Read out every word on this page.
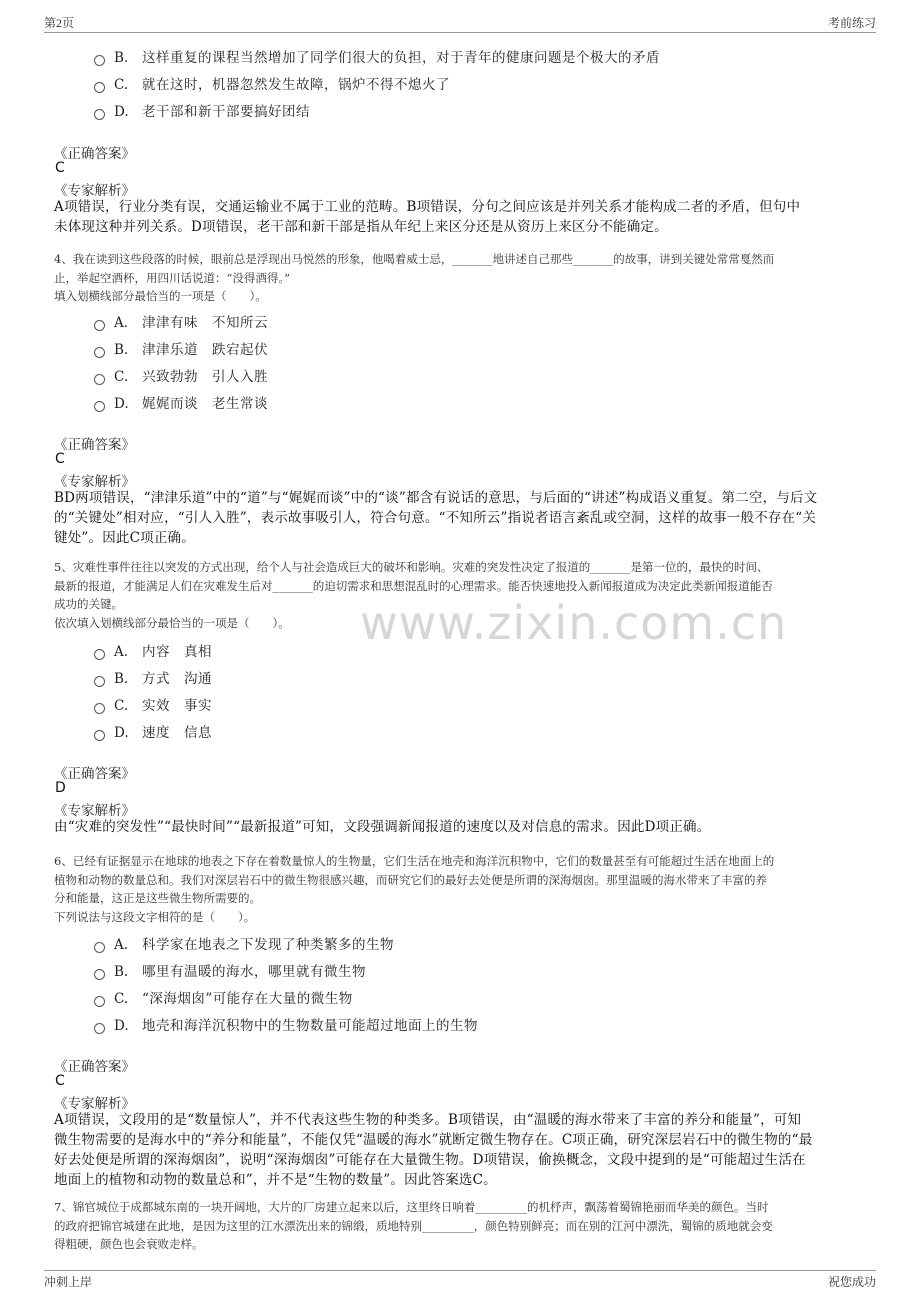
第2页	考前练习
www.zixin.com.cn
B. 这样重复的课程当然增加了同学们很大的负担，对于青年的健康问题是个极大的矛盾
C. 就在这时，机器忽然发生故障，锅炉不得不熄火了
D. 老干部和新干部要搞好团结
《正确答案》
C
《专家解析》

A项错误，行业分类有误，交通运输业不属于工业的范畴。B项错误，分句之间应该是并列关系才能构成二者的矛盾，但句中

未体现这种并列关系。D项错误，老干部和新干部是指从年纪上来区分还是从资历上来区分不能确定。

4、我在读到这些段落的时候，眼前总是浮现出马悦然的形象，他喝着威士忌，_______地讲述自己那些_______的故事，讲到关键处常常戛然而

止，举起空酒杯，用四川话说道：“没得酒得。”

填入划横线部分最恰当的一项是（　　）。

A. 津津有味　不知所云
B. 津津乐道　跌宕起伏
C. 兴致勃勃　引人入胜
D. 娓娓而谈　老生常谈
《正确答案》
C
《专家解析》

BD两项错误，“津津乐道”中的“道”与“娓娓而谈”中的“谈”都含有说话的意思，与后面的“讲述”构成语义重复。第二空，与后文

的“关键处”相对应，“引人入胜”，表示故事吸引人，符合句意。“不知所云”指说者语言紊乱或空洞，这样的故事一般不存在“关

键处”。因此C项正确。

5、灾难性事件往往以突发的方式出现，给个人与社会造成巨大的破坏和影响。灾难的突发性决定了报道的_______是第一位的，最快的时间、

最新的报道，才能满足人们在灾难发生后对_______的迫切需求和思想混乱时的心理需求。能否快速地投入新闻报道成为决定此类新闻报道能否

成功的关键。

依次填入划横线部分最恰当的一项是（　　）。

A. 内容　真相
B. 方式　沟通
C. 实效　事实
D. 速度　信息
《正确答案》
D
《专家解析》

由“灾难的突发性”“最快时间”“最新报道”可知，文段强调新闻报道的速度以及对信息的需求。因此D项正确。

6、已经有证据显示在地球的地表之下存在着数量惊人的生物量，它们生活在地壳和海洋沉积物中，它们的数量甚至有可能超过生活在地面上的

植物和动物的数量总和。我们对深层岩石中的微生物很感兴趣，而研究它们的最好去处便是所谓的深海烟囱。那里温暖的海水带来了丰富的养

分和能量，这正是这些微生物所需要的。

下列说法与这段文字相符的是（　　）。

A. 科学家在地表之下发现了种类繁多的生物
B. 哪里有温暖的海水，哪里就有微生物
C. “深海烟囱”可能存在大量的微生物
D. 地壳和海洋沉积物中的生物数量可能超过地面上的生物
《正确答案》
C
《专家解析》

A项错误，文段用的是“数量惊人”，并不代表这些生物的种类多。B项错误，由“温暖的海水带来了丰富的养分和能量”，可知

微生物需要的是海水中的“养分和能量”，不能仅凭“温暖的海水”就断定微生物存在。C项正确，研究深层岩石中的微生物的“最

好去处便是所谓的深海烟囱”，说明“深海烟囱”可能存在大量微生物。D项错误，偷换概念，文段中提到的是“可能超过生活在

地面上的植物和动物的数量总和”，并不是“生物的数量”。因此答案选C。

7、锦官城位于成都城东南的一块开阔地，大片的厂房建立起来以后，这里终日响着_________的机杼声，飘荡着蜀锦艳丽而华美的颜色。当时

的政府把锦官城建在此地，是因为这里的江水漂洗出来的锦缎，质地特别_________，颜色特别鲜亮；而在别的江河中漂洗，蜀锦的质地就会变

得粗硬，颜色也会衰败走样。

冲刺上岸	祝您成功
